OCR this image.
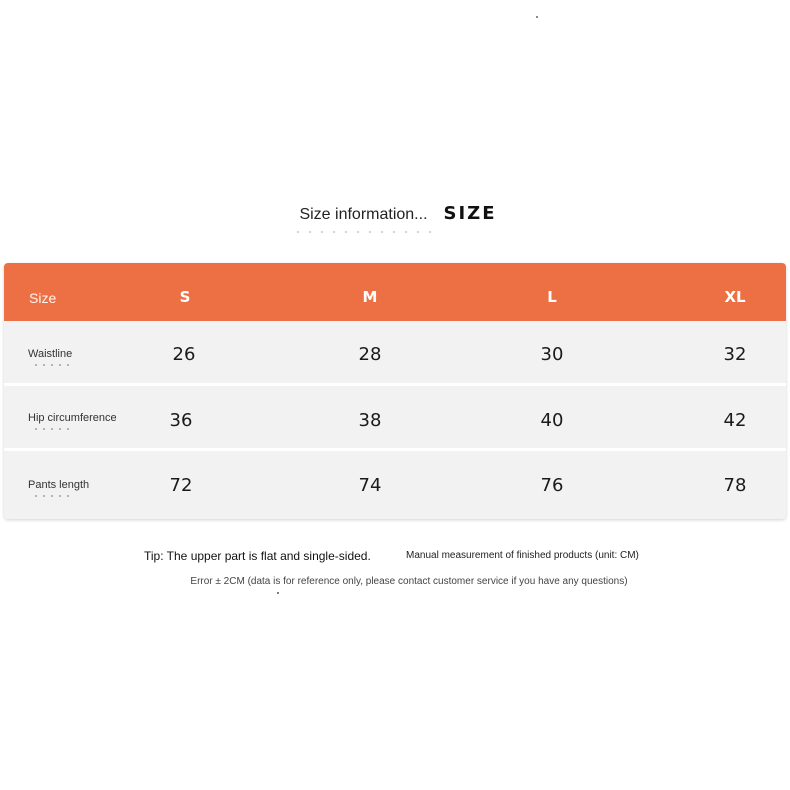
Size information... SIZE
Size	S	M	L	XL
Waistline	26	28	30	32
Hip circumference	36	38	40	42
Pants length	72	74	76	78
Tip: The upper part is flat and single-sided.	Manual measurement of finished products (unit: CM)
Error ± 2CM (data is for reference only, please contact customer service if you have any questions)
